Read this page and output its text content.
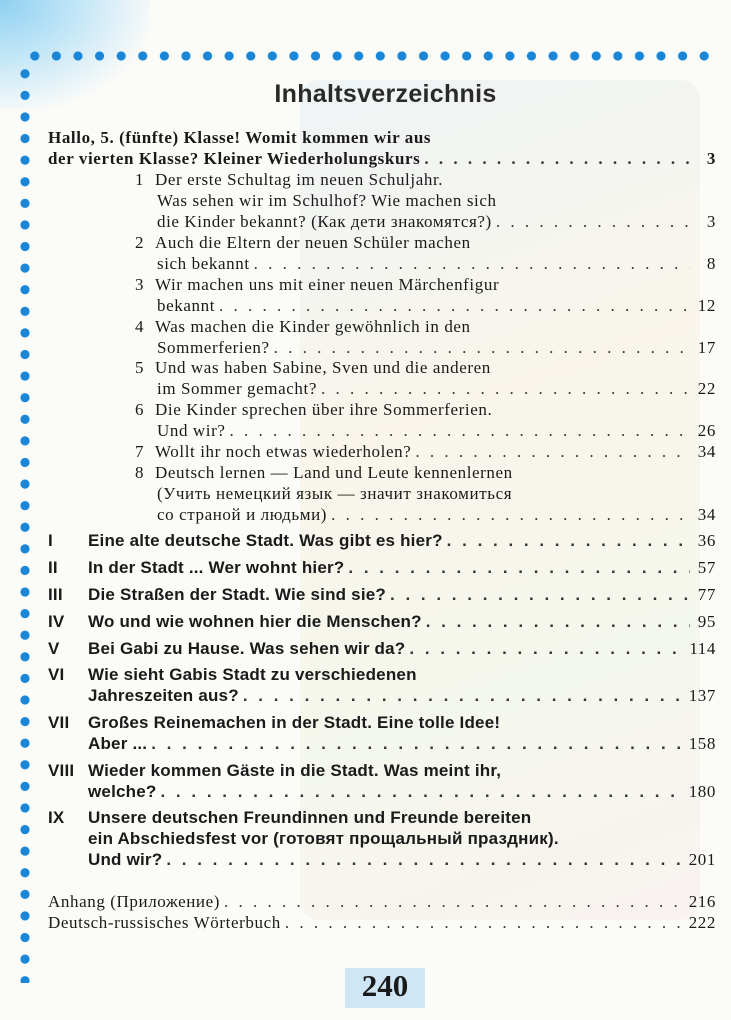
Inhaltsverzeichnis
Hallo, 5. (fünfte) Klasse! Womit kommen wir aus
der vierten Klasse? Kleiner Wiederholungskurs . . .	3
1 Der erste Schultag im neuen Schuljahr.
Was sehen wir im Schulhof? Wie machen sich
die Kinder bekannt? (Как дети знакомятся?) . . .	3
2 Auch die Eltern der neuen Schüler machen
sich bekannt . . .	8
3 Wir machen uns mit einer neuen Märchenfigur
bekannt . . .	12
4 Was machen die Kinder gewöhnlich in den
Sommerferien? . . .	17
5 Und was haben Sabine, Sven und die anderen
im Sommer gemacht? . . .	22
6 Die Kinder sprechen über ihre Sommerferien.
Und wir? . . .	26
7 Wollt ihr noch etwas wiederholen? . . .	34
8 Deutsch lernen — Land und Leute kennenlernen
(Учить немецкий язык — значит знакомиться
со страной и людьми) . . .	34
I	Eine alte deutsche Stadt. Was gibt es hier? . . .	36
II	In der Stadt ... Wer wohnt hier? . . .	57
III	Die Straßen der Stadt. Wie sind sie? . . .	77
IV	Wo und wie wohnen hier die Menschen? . . .	95
V	Bei Gabi zu Hause. Was sehen wir da? . . .	114
VI	Wie sieht Gabis Stadt zu verschiedenen
Jahreszeiten aus? . . .	137
VII	Großes Reinemachen in der Stadt. Eine tolle Idee!
Aber ... . . .	158
VIII Wieder kommen Gäste in die Stadt. Was meint ihr,
welche? . . .	180
IX	Unsere deutschen Freundinnen und Freunde bereiten
ein Abschiedsfest vor (готовят прощальный праздник).
Und wir? . . .	201
Anhang (Приложение) . . .	216
Deutsch-russisches Wörterbuch . . .	222
240
